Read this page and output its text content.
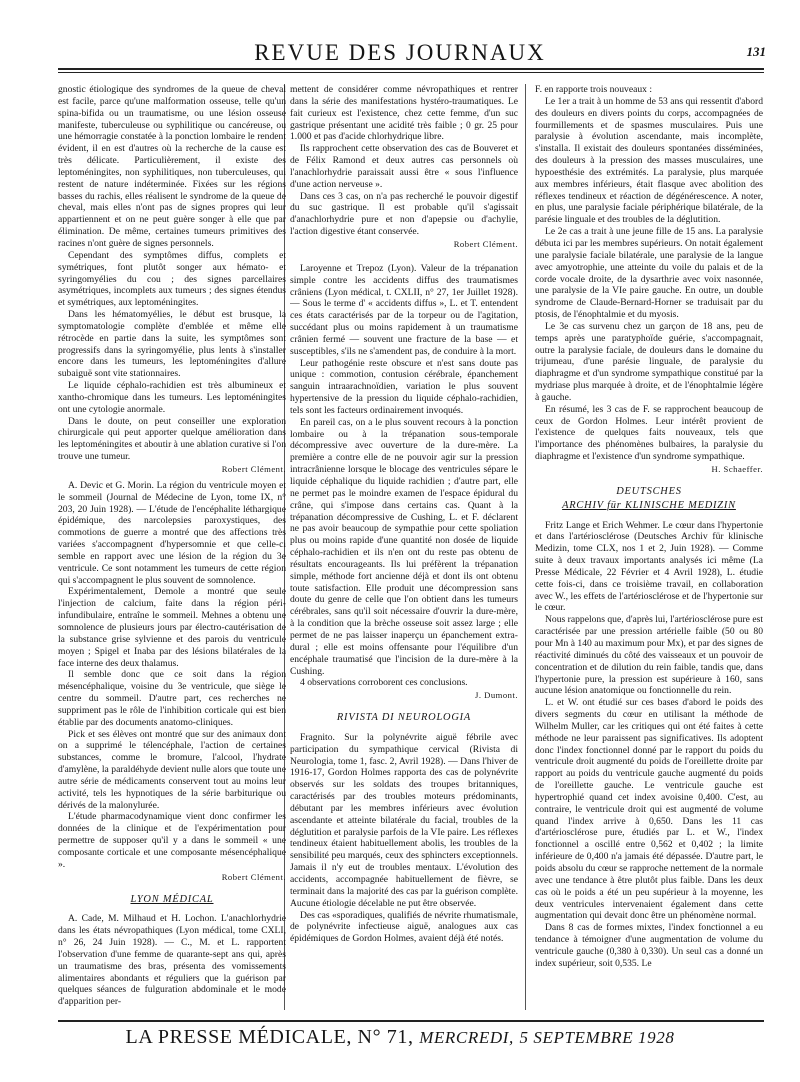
REVUE DES JOURNAUX	131

gnostic étiologique des syndromes de la queue de cheval est facile, parce qu'une malformation osseuse, telle qu'un spina-bifida ou un traumatisme, ou une lésion osseuse manifeste, tuberculeuse ou syphilitique ou cancéreuse, ou une hémorragie constatée à la ponction lombaire le rendent évident, il en est d'autres où la recherche de la cause est très délicate. Particulièrement, il existe des leptoméningites, non syphilitiques, non tuberculeuses, qui restent de nature indéterminée. Fixées sur les régions basses du rachis, elles réalisent le syndrome de la queue de cheval, mais elles n'ont pas de signes propres qui leur appartiennent et on ne peut guère songer à elle que par élimination. De même, certaines tumeurs primitives des racines n'ont guère de signes personnels.

Cependant des symptômes diffus, complets et symétriques, font plutôt songer aux hémato- et syringomyélies du cou ; des signes parcellaires asymétriques, incomplets aux tumeurs ; des signes étendus et symétriques, aux leptoméningites.

Dans les hématomyélies, le début est brusque, la symptomatologie complète d'emblée et même elle rétrocède en partie dans la suite, les symptômes sont progressifs dans la syringomyélie, plus lents à s'installer encore dans les tumeurs, les leptoméningites d'allure subaiguë sont vite stationnaires.

Le liquide céphalo-rachidien est très albumineux et xantho-chromique dans les tumeurs. Les leptoméningites ont une cytologie anormale.

Dans le doute, on peut conseiller une exploration chirurgicale qui peut apporter quelque amélioration dans les leptoméningites et aboutir à une ablation curative si l'on trouve une tumeur.

Robert Clément.

A. Devic et G. Morin. La région du ventricule moyen et le sommeil (Journal de Médecine de Lyon, tome IX, n° 203, 20 Juin 1928). — L'étude de l'encéphalite léthargique épidémique, des narcolepsies paroxystiques, des commotions de guerre a montré que des affections très variées s'accompagnent d'hypersomnie et que celle-ci semble en rapport avec une lésion de la région du 3e ventricule. Ce sont notamment les tumeurs de cette région qui s'accompagnent le plus souvent de somnolence.

Expérimentalement, Demole a montré que seule l'injection de calcium, faite dans la région péri-infundibulaire, entraîne le sommeil. Mehnes a obtenu une somnolence de plusieurs jours par électro-cautérisation de la substance grise sylvienne et des parois du ventricule moyen ; Spigel et Inaba par des lésions bilatérales de la face interne des deux thalamus.

Il semble donc que ce soit dans la région mésencéphalique, voisine du 3e ventricule, que siège le centre du sommeil. D'autre part, ces recherches ne suppriment pas le rôle de l'inhibition corticale qui est bien établie par des documents anatomo-cliniques.

Pick et ses élèves ont montré que sur des animaux dont on a supprimé le télencéphale, l'action de certaines substances, comme le bromure, l'alcool, l'hydrate d'amylène, la paraldéhyde devient nulle alors que toute une autre série de médicaments conservent tout au moins leur activité, tels les hypnotiques de la série barbiturique ou dérivés de la malonylurée.

L'étude pharmacodynamique vient donc confirmer les données de la clinique et de l'expérimentation pour permettre de supposer qu'il y a dans le sommeil « une composante corticale et une composante mésencéphalique ».

Robert Clément.
LYON MÉDICAL

A. Cade, M. Milhaud et H. Lochon. L'anachlorhydrie dans les états névropathiques (Lyon médical, tome CXLI, n° 26, 24 Juin 1928). — C., M. et L. rapportent l'observation d'une femme de quarante-sept ans qui, après un traumatisme des bras, présenta des vomissements alimentaires abondants et réguliers que la guérison par quelques séances de fulguration abdominale et le mode d'apparition per-

mettent de considérer comme névropathiques et rentrer dans la série des manifestations hystéro-traumatiques. Le fait curieux est l'existence, chez cette femme, d'un suc gastrique présentant une acidité très faible ; 0 gr. 25 pour 1.000 et pas d'acide chlorhydrique libre.

Ils rapprochent cette observation des cas de Bouveret et de Félix Ramond et deux autres cas personnels où l'anachlorhydrie paraissait aussi être « sous l'influence d'une action nerveuse ».

Dans ces 3 cas, on n'a pas recherché le pouvoir digestif du suc gastrique. Il est probable qu'il s'agissait d'anachlorhydrie pure et non d'apepsie ou d'achylie, l'action digestive étant conservée.

Robert Clément.

Laroyenne et Trepoz (Lyon). Valeur de la trépanation simple contre les accidents diffus des traumatismes crâniens (Lyon médical, t. CXLII, n° 27, 1er Juillet 1928). — Sous le terme d' « accidents diffus », L. et T. entendent ces états caractérisés par de la torpeur ou de l'agitation, succédant plus ou moins rapidement à un traumatisme crânien fermé — souvent une fracture de la base — et susceptibles, s'ils ne s'amendent pas, de conduire à la mort.

Leur pathogénie reste obscure et n'est sans doute pas unique : commotion, contusion cérébrale, épanchement sanguin intraarachnoïdien, variation le plus souvent hypertensive de la pression du liquide céphalo-rachidien, tels sont les facteurs ordinairement invoqués.

En pareil cas, on a le plus souvent recours à la ponction lombaire ou à la trépanation sous-temporale décompressive avec ouverture de la dure-mère. La première a contre elle de ne pouvoir agir sur la pression intracrânienne lorsque le blocage des ventricules sépare le liquide céphalique du liquide rachidien ; d'autre part, elle ne permet pas le moindre examen de l'espace épidural du crâne, qui s'impose dans certains cas. Quant à la trépanation décompressive de Cushing, L. et F. déclarent ne pas avoir beaucoup de sympathie pour cette spoliation plus ou moins rapide d'une quantité non dosée de liquide céphalo-rachidien et ils n'en ont du reste pas obtenu de résultats encourageants. Ils lui préfèrent la trépanation simple, méthode fort ancienne déjà et dont ils ont obtenu toute satisfaction. Elle produit une décompression sans doute du genre de celle que l'on obtient dans les tumeurs cérébrales, sans qu'il soit nécessaire d'ouvrir la dure-mère, à la condition que la brèche osseuse soit assez large ; elle permet de ne pas laisser inaperçu un épanchement extra-dural ; elle est moins offensante pour l'équilibre d'un encéphale traumatisé que l'incision de la dure-mère à la Cushing.

4 observations corroborent ces conclusions.

J. Dumont.
RIVISTA DI NEUROLOGIA

Fragnito. Sur la polynévrite aiguë fébrile avec participation du sympathique cervical (Rivista di Neurologia, tome 1, fasc. 2, Avril 1928). — Dans l'hiver de 1916-17, Gordon Holmes rapporta des cas de polynévrite observés sur les soldats des troupes britanniques, caractérisés par des troubles moteurs prédominants, débutant par les membres inférieurs avec évolution ascendante et atteinte bilatérale du facial, troubles de la déglutition et paralysie parfois de la VIe paire. Les réflexes tendineux étaient habituellement abolis, les troubles de la sensibilité peu marqués, ceux des sphincters exceptionnels. Jamais il n'y eut de troubles mentaux. L'évolution des accidents, accompagnée habituellement de fièvre, se terminait dans la majorité des cas par la guérison complète. Aucune étiologie décelable ne put être observée.

Des cas «sporadiques, qualifiés de névrite rhumatismale, de polynévrite infectieuse aiguë, analogues aux cas épidémiques de Gordon Holmes, avaient déjà été notés.

F. en rapporte trois nouveaux :

Le 1er a trait à un homme de 53 ans qui ressentit d'abord des douleurs en divers points du corps, accompagnées de fourmillements et de spasmes musculaires. Puis une paralysie à évolution ascendante, mais incomplète, s'installa. Il existait des douleurs spontanées disséminées, des douleurs à la pression des masses musculaires, une hypoesthésie des extrémités. La paralysie, plus marquée aux membres inférieurs, était flasque avec abolition des réflexes tendineux et réaction de dégénérescence. A noter, en plus, une paralysie faciale périphérique bilatérale, de la parésie linguale et des troubles de la déglutition.

Le 2e cas a trait à une jeune fille de 15 ans. La paralysie débuta ici par les membres supérieurs. On notait également une paralysie faciale bilatérale, une paralysie de la langue avec amyotrophie, une atteinte du voile du palais et de la corde vocale droite, de la dysarthrie avec voix nasonnée, une paralysie de la VIe paire gauche. En outre, un double syndrome de Claude-Bernard-Horner se traduisait par du ptosis, de l'énophtalmie et du myosis.

Le 3e cas survenu chez un garçon de 18 ans, peu de temps après une paratyphoïde guérie, s'accompagnait, outre la paralysie faciale, de douleurs dans le domaine du trijumeau, d'une parésie linguale, de paralysie du diaphragme et d'un syndrome sympathique constitué par la mydriase plus marquée à droite, et de l'énophtalmie légère à gauche.

En résumé, les 3 cas de F. se rapprochent beaucoup de ceux de Gordon Holmes. Leur intérêt provient de l'existence de quelques faits nouveaux, tels que l'importance des phénomènes bulbaires, la paralysie du diaphragme et l'existence d'un syndrome sympathique.

H. Schaeffer.
DEUTSCHES
ARCHIV für KLINISCHE MEDIZIN

Fritz Lange et Erich Wehmer. Le cœur dans l'hypertonie et dans l'artériosclérose (Deutsches Archiv für klinische Medizin, tome CLX, nos 1 et 2, Juin 1928). — Comme suite à deux travaux importants analysés ici même (La Presse Médicale, 22 Février et 4 Avril 1928), L. étudie cette fois-ci, dans ce troisième travail, en collaboration avec W., les effets de l'artériosclérose et de l'hypertonie sur le cœur.

Nous rappelons que, d'après lui, l'artériosclérose pure est caractérisée par une pression artérielle faible (50 ou 80 pour Mn à 140 au maximum pour Mx), et par des signes de réactivité diminués du côté des vaisseaux et un pouvoir de concentration et de dilution du rein faible, tandis que, dans l'hypertonie pure, la pression est supérieure à 160, sans aucune lésion anatomique ou fonctionnelle du rein.

L. et W. ont étudié sur ces bases d'abord le poids des divers segments du cœur en utilisant la méthode de Wilhelm Muller, car les critiques qui ont été faites à cette méthode ne leur paraissent pas significatives. Ils adoptent donc l'index fonctionnel donné par le rapport du poids du ventricule droit augmenté du poids de l'oreillette droite par rapport au poids du ventricule gauche augmenté du poids de l'oreillette gauche. Le ventricule gauche est hypertrophié quand cet index avoisine 0,400. C'est, au contraire, le ventricule droit qui est augmenté de volume quand l'index arrive à 0,650. Dans les 11 cas d'artériosclérose pure, étudiés par L. et W., l'index fonctionnel a oscillé entre 0,562 et 0,402 ; la limite inférieure de 0,400 n'a jamais été dépassée. D'autre part, le poids absolu du cœur se rapproche nettement de la normale avec une tendance à être plutôt plus faible. Dans les deux cas où le poids a été un peu supérieur à la moyenne, les deux ventricules intervenaient également dans cette augmentation qui devait donc être un phénomène normal.

Dans 8 cas de formes mixtes, l'index fonctionnel a eu tendance à témoigner d'une augmentation de volume du ventricule gauche (0,380 à 0,330). Un seul cas a donné un index supérieur, soit 0,535. Le

LA PRESSE MÉDICALE, N° 71, MERCREDI, 5 SEPTEMBRE 1928
